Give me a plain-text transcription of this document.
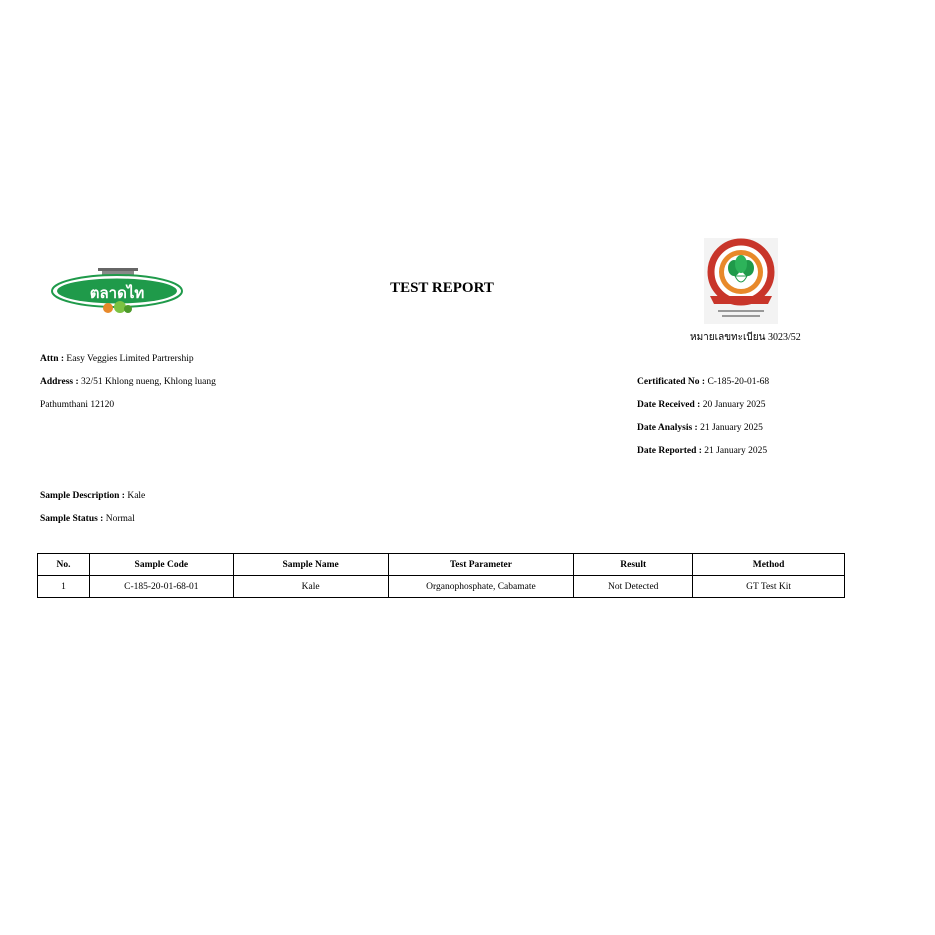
ตลาดไท	TEST REPORT
หมายเลขทะเบียน 3023/52
Attn : Easy Veggies Limited Partrership
Address : 32/51 Khlong nueng, Khlong luang
Pathumthani 12120
Certificated No : C-185-20-01-68
Date Received : 20 January 2025
Date Analysis : 21 January 2025
Date Reported : 21 January 2025
Sample Description : Kale
Sample Status : Normal
No.	Sample Code	Sample Name	Test Parameter	Result	Method
1	C-185-20-01-68-01	Kale	Organophosphate, Cabamate	Not Detected	GT Test Kit
